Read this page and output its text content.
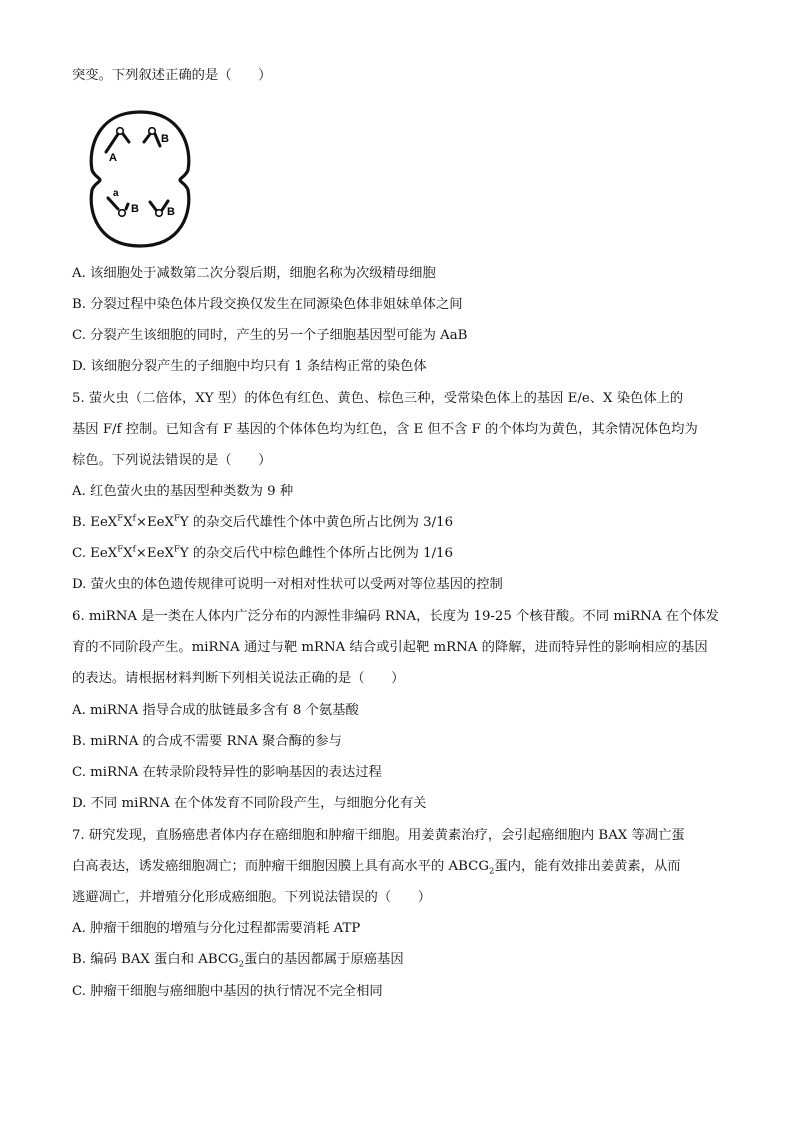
突变。下列叙述正确的是（　　）
A
B
a
B	B
A. 该细胞处于减数第二次分裂后期，细胞名称为次级精母细胞
B. 分裂过程中染色体片段交换仅发生在同源染色体非姐妹单体之间
C. 分裂产生该细胞的同时，产生的另一个子细胞基因型可能为 AaB
D. 该细胞分裂产生的子细胞中均只有 1 条结构正常的染色体
5. 萤火虫（二倍体，XY 型）的体色有红色、黄色、棕色三种，受常染色体上的基因 E/e、X 染色体上的
基因 F/f 控制。已知含有 F 基因的个体体色均为红色，含 E 但不含 F 的个体均为黄色，其余情况体色均为
棕色。下列说法错误的是（　　）
A. 红色萤火虫的基因型种类数为 9 种
B. $EeX^FX^f\times EeX^FY$ 的杂交后代雄性个体中黄色所占比例为 3/16
C. $EeX^FX^f\times EeX^FY$ 的杂交后代中棕色雌性个体所占比例为 1/16
D. 萤火虫的体色遗传规律可说明一对相对性状可以受两对等位基因的控制
6. miRNA 是一类在人体内广泛分布的内源性非编码 RNA，长度为 19-25 个核苷酸。不同 miRNA 在个体发
育的不同阶段产生。miRNA 通过与靶 mRNA 结合或引起靶 mRNA 的降解，进而特异性的影响相应的基因
的表达。请根据材料判断下列相关说法正确的是（　　）
A. miRNA 指导合成的肽链最多含有 8 个氨基酸
B. miRNA 的合成不需要 RNA 聚合酶的参与
C. miRNA 在转录阶段特异性的影响基因的表达过程
D. 不同 miRNA 在个体发育不同阶段产生，与细胞分化有关
7. 研究发现，直肠癌患者体内存在癌细胞和肿瘤干细胞。用姜黄素治疗，会引起癌细胞内 BAX 等凋亡蛋
白高表达，诱发癌细胞凋亡；而肿瘤干细胞因膜上具有高水平的 $ABCG_2$蛋内，能有效排出姜黄素，从而
逃避凋亡，并增殖分化形成癌细胞。下列说法错误的（　　）
A. 肿瘤干细胞的增殖与分化过程都需要消耗 ATP
B. 编码 BAX 蛋白和 $ABCG_2$蛋白的基因都属于原癌基因
C. 肿瘤干细胞与癌细胞中基因的执行情况不完全相同
